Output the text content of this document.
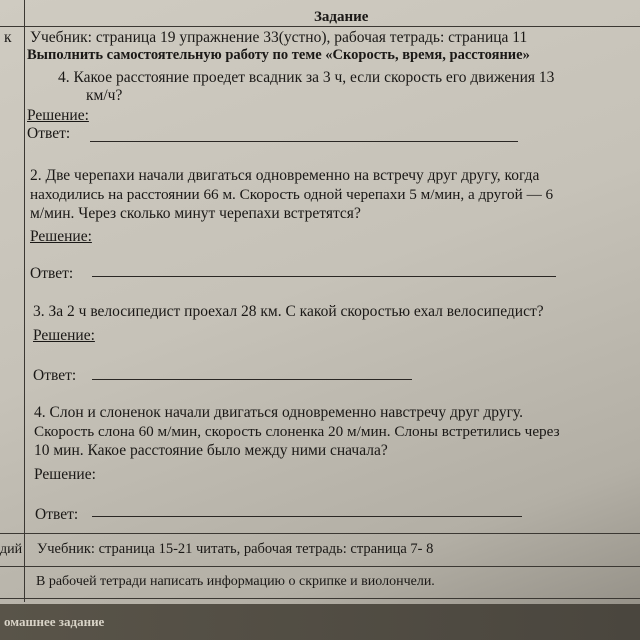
Задание
к Учебник: страница 19 упражнение 33(устно), рабочая тетрадь: страница 11
Выполнить самостоятельную работу по теме «Скорость, время, расстояние»
4. Какое расстояние проедет всадник за 3 ч, если скорость его движения 13
км/ч?
Решение:
Ответ:
2. Две черепахи начали двигаться одновременно на встречу друг другу, когда
находились на расстоянии 66 м. Скорость одной черепахи 5 м/мин, а другой — 6
м/мин. Через сколько минут черепахи встретятся?
Решение:
Ответ:
3. За 2 ч велосипедист проехал 28 км. С какой скоростью ехал велосипедист?
Решение:
Ответ:
4. Слон и слоненок начали двигаться одновременно навстречу друг другу.
Скорость слона 60 м/мин, скорость слоненка 20 м/мин. Слоны встретились через
10 мин. Какое расстояние было между ними сначала?
Решение:
Ответ:
дий Учебник: страница 15-21 читать, рабочая тетрадь: страница 7- 8
В рабочей тетради написать информацию о скрипке и виолончели.
омашнее задание
